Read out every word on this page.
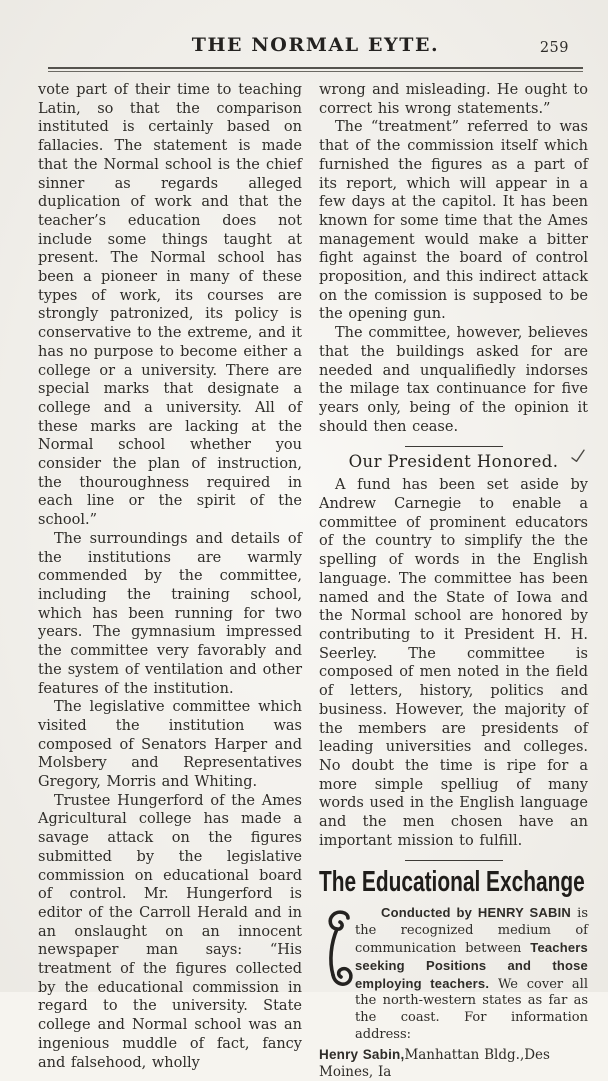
THE NORMAL EYTE.	259

vote part of their time to teaching Latin, so that the comparison instituted is certainly based on fallacies. The statement is made that the Normal school is the chief sinner as regards alleged duplication of work and that the teacher’s education does not include some things taught at present. The Normal school has been a pioneer in many of these types of work, its courses are strongly patronized, its policy is conservative to the extreme, and it has no purpose to become either a college or a university. There are special marks that designate a college and a university. All of these marks are lacking at the Normal school whether you consider the plan of instruction, the thouroughness required in each line or the spirit of the school.”

The surroundings and details of the institutions are warmly commended by the committee, including the training school, which has been running for two years. The gymnasium impressed the committee very favorably and the system of ventilation and other features of the institution.

The legislative committee which visited the institution was composed of Senators Harper and Molsbery and Representatives Gregory, Morris and Whiting.

Trustee Hungerford of the Ames Agricultural college has made a savage attack on the figures submitted by the legislative commission on educational board of control. Mr. Hungerford is editor of the Carroll Herald and in an onslaught on an innocent newspaper man says: “His treatment of the figures collected by the educational commission in regard to the university. State college and Normal school was an ingenious muddle of fact, fancy and falsehood, wholly

wrong and misleading. He ought to correct his wrong statements.”

The “treatment” referred to was that of the commission itself which furnished the figures as a part of its report, which will appear in a few days at the capitol. It has been known for some time that the Ames management would make a bitter fight against the board of control proposition, and this indirect attack on the comission is supposed to be the opening gun.

The committee, however, believes that the buildings asked for are needed and unqualifiedly indorses the milage tax continuance for five years only, being of the opinion it should then cease.

Our President Honored.

A fund has been set aside by Andrew Carnegie to enable a committee of prominent educators of the country to simplify the the spelling of words in the English language. The committee has been named and the State of Iowa and the Normal school are honored by contributing to it President H. H. Seerley. The committee is composed of men noted in the field of letters, history, politics and business. However, the majority of the members are presidents of leading universities and colleges. No doubt the time is ripe for a more simple spelliug of many words used in the English language and the men chosen have an important mission to fulfill.

The Educational Exchange

Conducted by HENRY SABIN is the recognized medium of communication between Teachers seeking Positions and those employing teachers. We cover all the north-western states as far as the coast. For information address:

Henry Sabin,Manhattan Bldg.,Des Moines, Ia
